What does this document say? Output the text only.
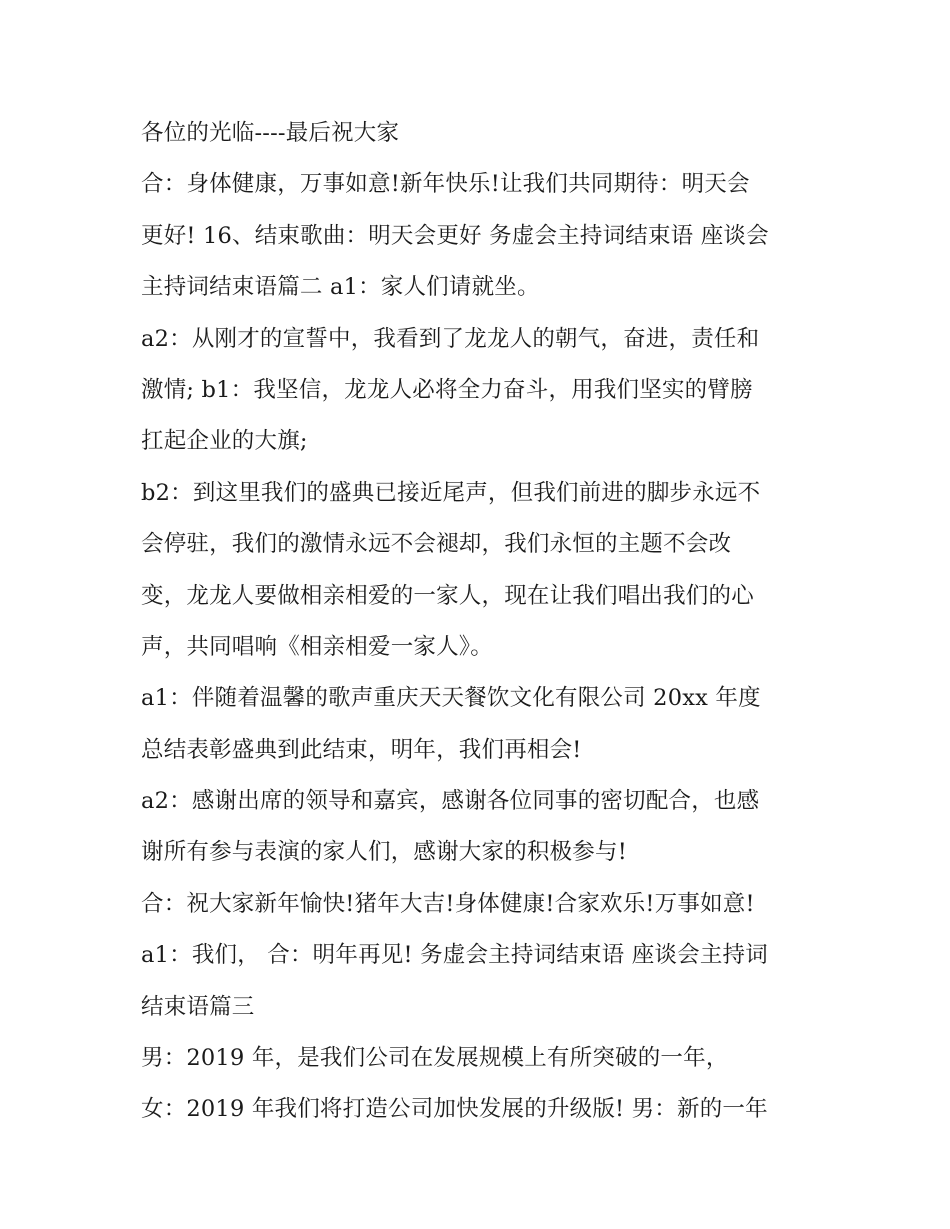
各位的光临----最后祝大家
合：身体健康，万事如意!新年快乐!让我们共同期待：明天会
更好! 16、结束歌曲：明天会更好 务虚会主持词结束语 座谈会
主持词结束语篇二 a1：家人们请就坐。
a2：从刚才的宣誓中，我看到了龙龙人的朝气，奋进，责任和
激情; b1：我坚信，龙龙人必将全力奋斗，用我们坚实的臂膀
扛起企业的大旗;
b2：到这里我们的盛典已接近尾声，但我们前进的脚步永远不
会停驻，我们的激情永远不会褪却，我们永恒的主题不会改
变，龙龙人要做相亲相爱的一家人，现在让我们唱出我们的心
声，共同唱响《相亲相爱一家人》。
a1：伴随着温馨的歌声重庆天天餐饮文化有限公司 20xx 年度
总结表彰盛典到此结束，明年，我们再相会!
a2：感谢出席的领导和嘉宾，感谢各位同事的密切配合，也感
谢所有参与表演的家人们，感谢大家的积极参与!
合：祝大家新年愉快!猪年大吉!身体健康!合家欢乐!万事如意!
a1：我们， 合：明年再见! 务虚会主持词结束语 座谈会主持词
结束语篇三
男：2019 年，是我们公司在发展规模上有所突破的一年，
女：2019 年我们将打造公司加快发展的升级版! 男：新的一年
